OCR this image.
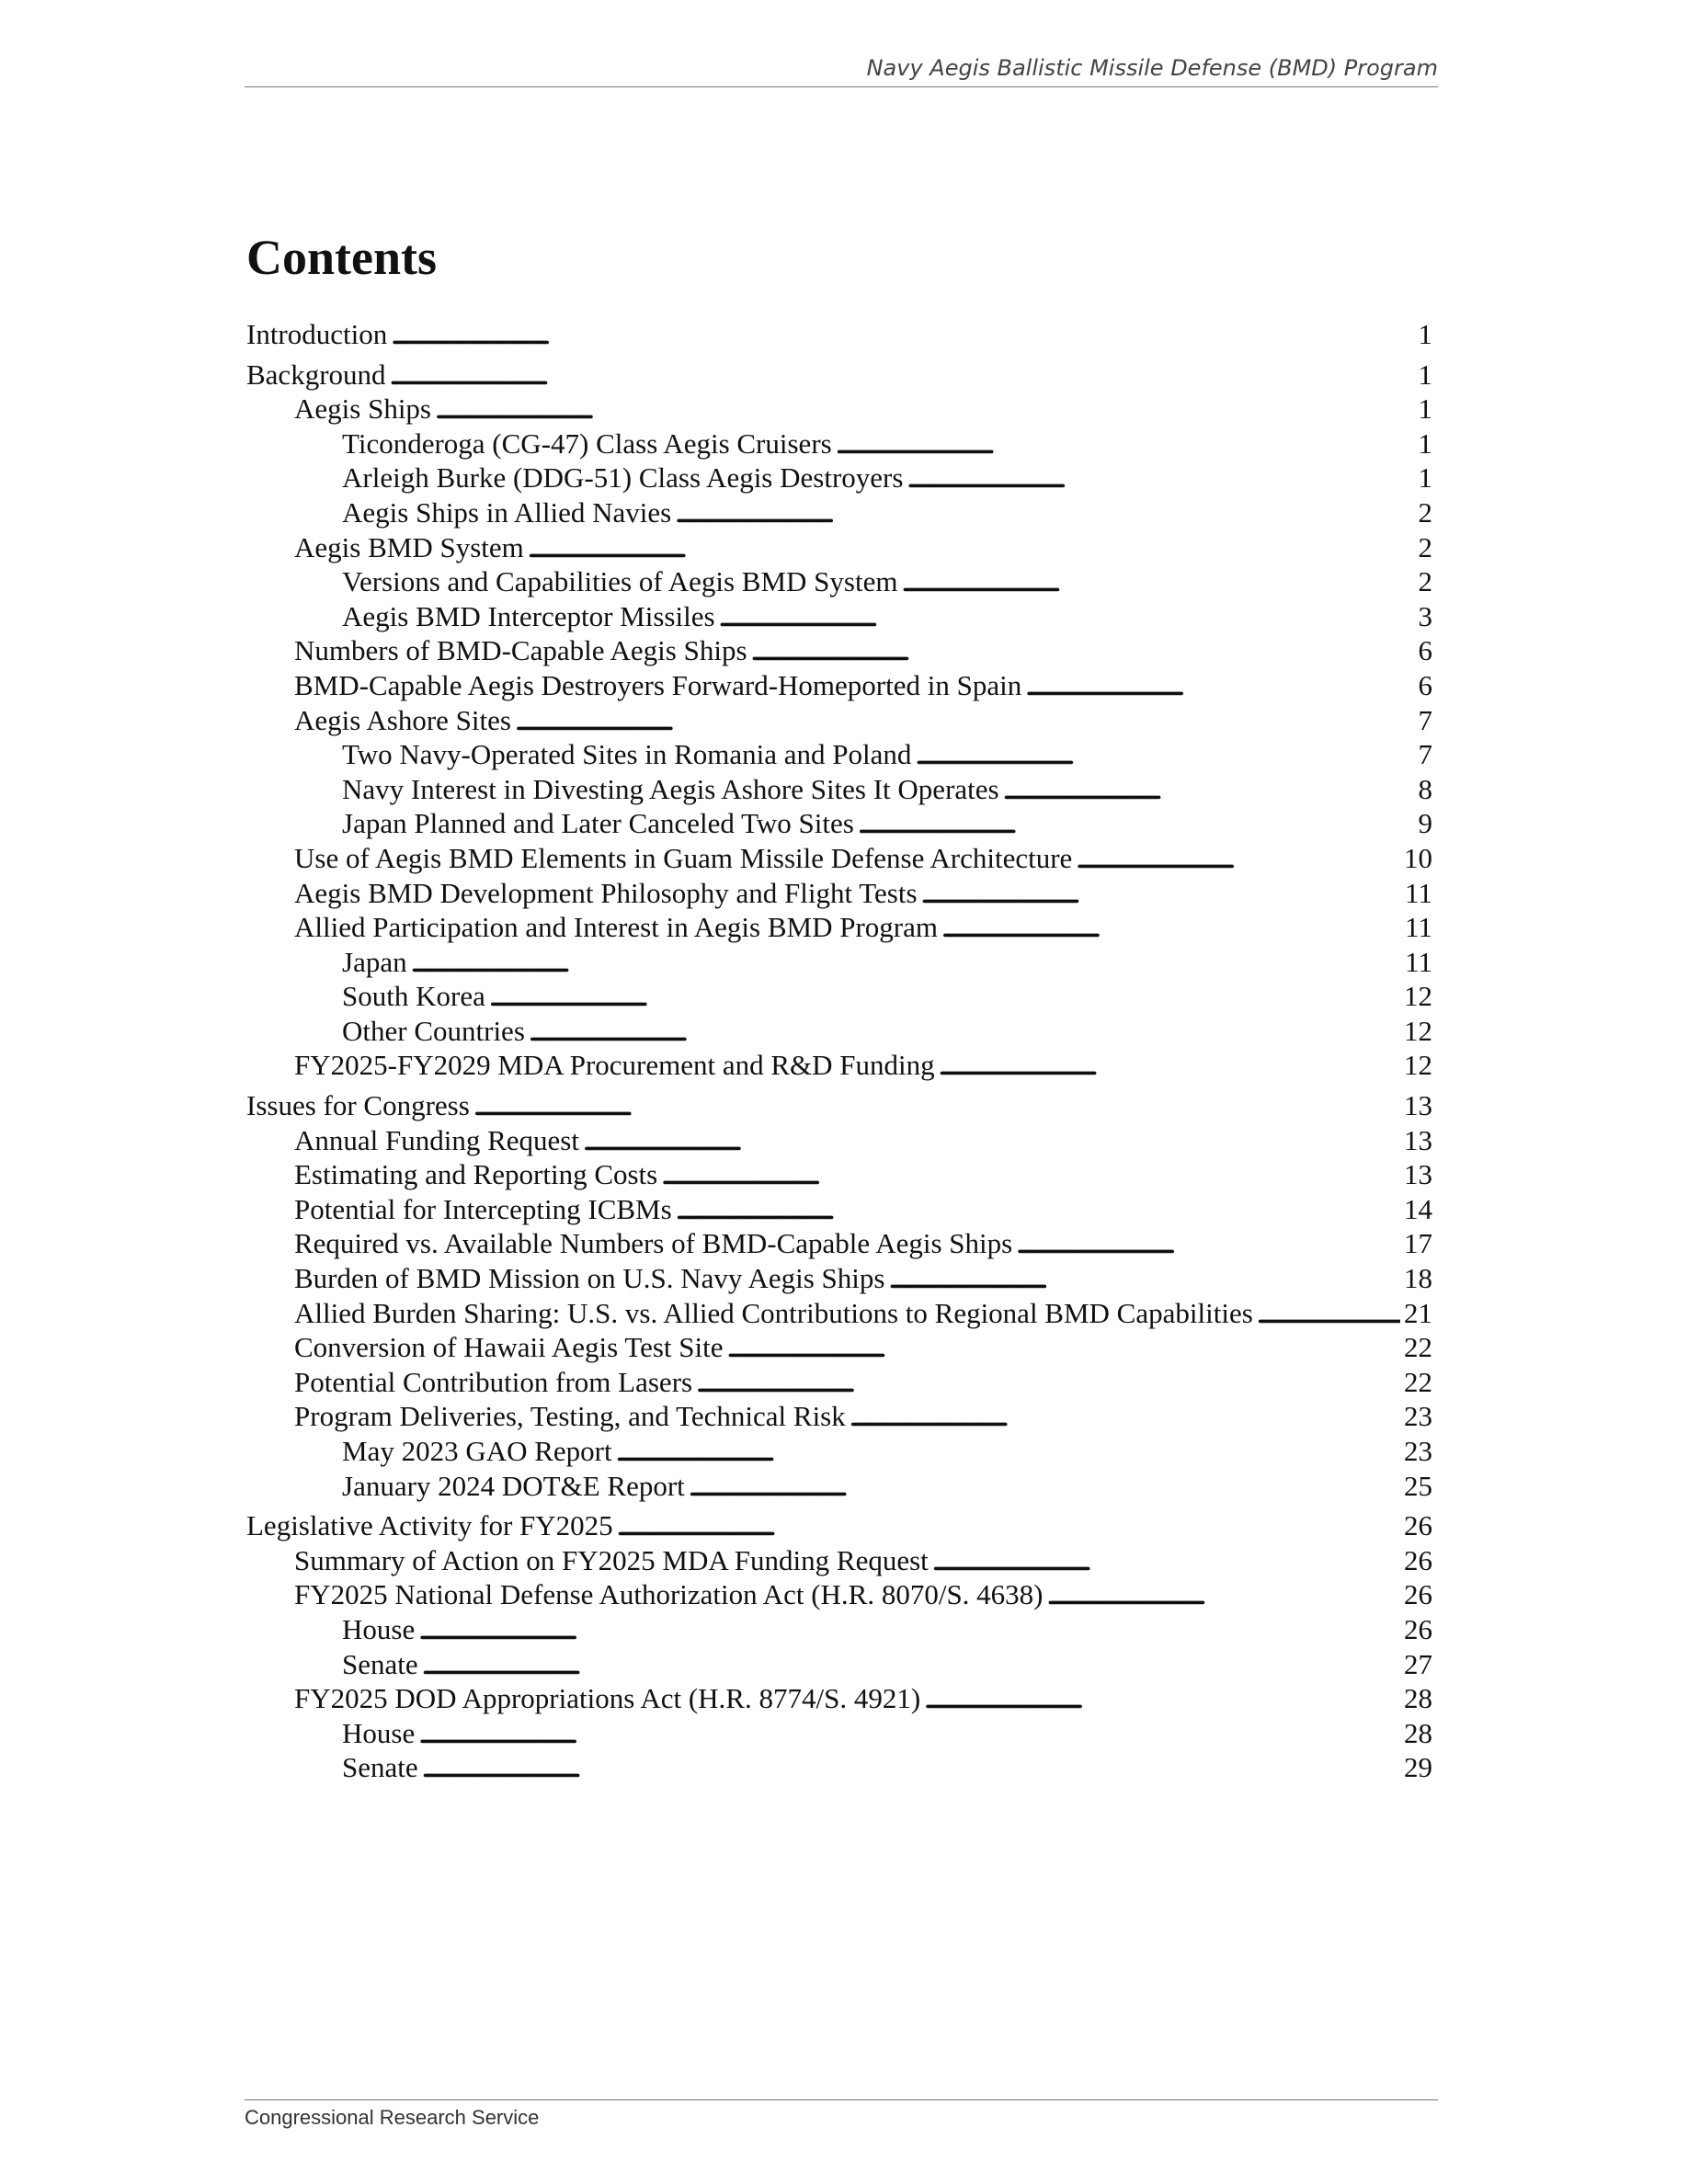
Navy Aegis Ballistic Missile Defense (BMD) Program
Contents
Introduction . . .	1
Background . . .	1
Aegis Ships . . .	1
Ticonderoga (CG-47) Class Aegis Cruisers . . .	1
Arleigh Burke (DDG-51) Class Aegis Destroyers . . .	1
Aegis Ships in Allied Navies . . .	2
Aegis BMD System . . .	2
Versions and Capabilities of Aegis BMD System . . .	2
Aegis BMD Interceptor Missiles . . .	3
Numbers of BMD-Capable Aegis Ships . . .	6
BMD-Capable Aegis Destroyers Forward-Homeported in Spain . . .	6
Aegis Ashore Sites . . .	7
Two Navy-Operated Sites in Romania and Poland . . .	7
Navy Interest in Divesting Aegis Ashore Sites It Operates . . .	8
Japan Planned and Later Canceled Two Sites . . .	9
Use of Aegis BMD Elements in Guam Missile Defense Architecture . . .	10
Aegis BMD Development Philosophy and Flight Tests . . .	11
Allied Participation and Interest in Aegis BMD Program . . .	11
Japan . . .	11
South Korea . . .	12
Other Countries . . .	12
FY2025-FY2029 MDA Procurement and R&D Funding . . .	12
Issues for Congress . . .	13
Annual Funding Request . . .	13
Estimating and Reporting Costs . . .	13
Potential for Intercepting ICBMs . . .	14
Required vs. Available Numbers of BMD-Capable Aegis Ships . . .	17
Burden of BMD Mission on U.S. Navy Aegis Ships . . .	18
Allied Burden Sharing: U.S. vs. Allied Contributions to Regional BMD Capabilities . . .	21
Conversion of Hawaii Aegis Test Site . . .	22
Potential Contribution from Lasers . . .	22
Program Deliveries, Testing, and Technical Risk . . .	23
May 2023 GAO Report . . .	23
January 2024 DOT&E Report . . .	25
Legislative Activity for FY2025 . . .	26
Summary of Action on FY2025 MDA Funding Request . . .	26
FY2025 National Defense Authorization Act (H.R. 8070/S. 4638) . . .	26
House . . .	26
Senate . . .	27
FY2025 DOD Appropriations Act (H.R. 8774/S. 4921) . . .	28
House . . .	28
Senate . . .	29
Congressional Research Service
